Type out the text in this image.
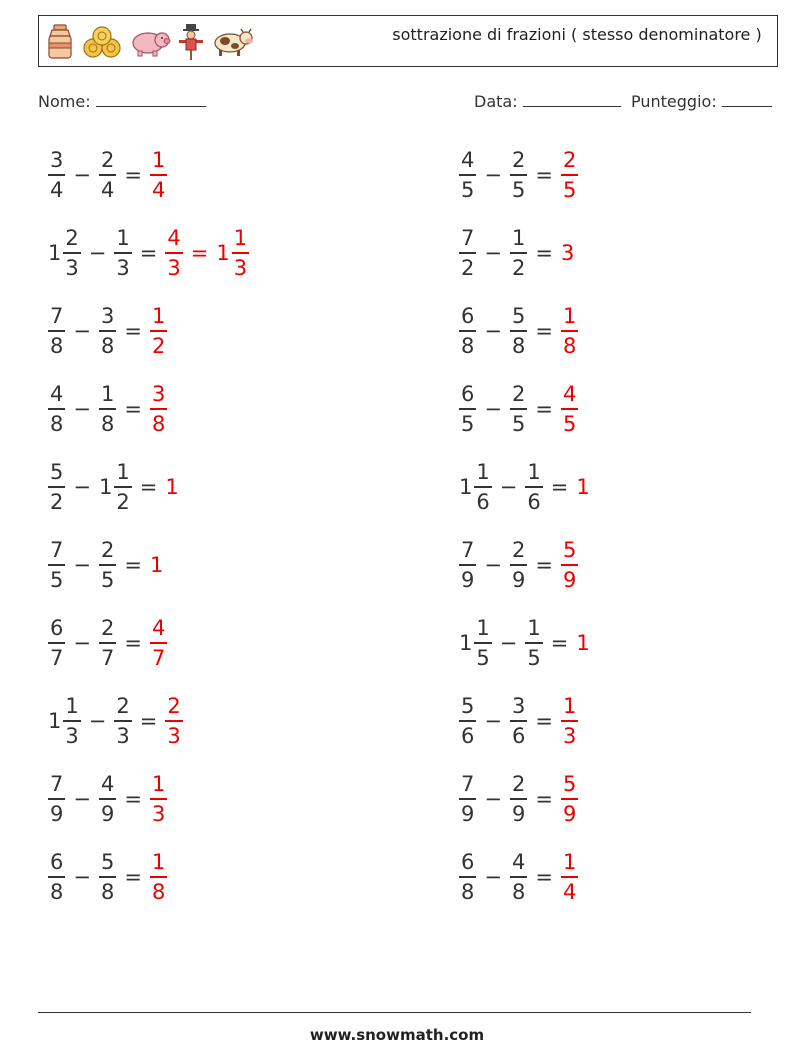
sottrazione di frazioni ( stesso denominatore )
Nome:	Data:	Punteggio:
$\frac{3}{4} - \frac{2}{4} = \frac{1}{4}$
$1 \frac{2}{3} - \frac{1}{3} = \frac{4}{3} = 1 \frac{1}{3}$
$\frac{7}{8} - \frac{3}{8} = \frac{1}{2}$
$\frac{4}{8} - \frac{1}{8} = \frac{3}{8}$
$\frac{5}{2} - 1 \frac{1}{2} = 1$
$\frac{7}{5} - \frac{2}{5} = 1$
$\frac{6}{7} - \frac{2}{7} = \frac{4}{7}$
$1 \frac{1}{3} - \frac{2}{3} = \frac{2}{3}$
$\frac{7}{9} - \frac{4}{9} = \frac{1}{3}$
$\frac{6}{8} - \frac{5}{8} = \frac{1}{8}$
$\frac{4}{5} - \frac{2}{5} = \frac{2}{5}$
$\frac{7}{2} - \frac{1}{2} = 3$
$\frac{6}{8} - \frac{5}{8} = \frac{1}{8}$
$\frac{6}{5} - \frac{2}{5} = \frac{4}{5}$
$1 \frac{1}{6} - \frac{1}{6} = 1$
$\frac{7}{9} - \frac{2}{9} = \frac{5}{9}$
$1 \frac{1}{5} - \frac{1}{5} = 1$
$\frac{5}{6} - \frac{3}{6} = \frac{1}{3}$
$\frac{7}{9} - \frac{2}{9} = \frac{5}{9}$
$\frac{6}{8} - \frac{4}{8} = \frac{1}{4}$
www.snowmath.com
